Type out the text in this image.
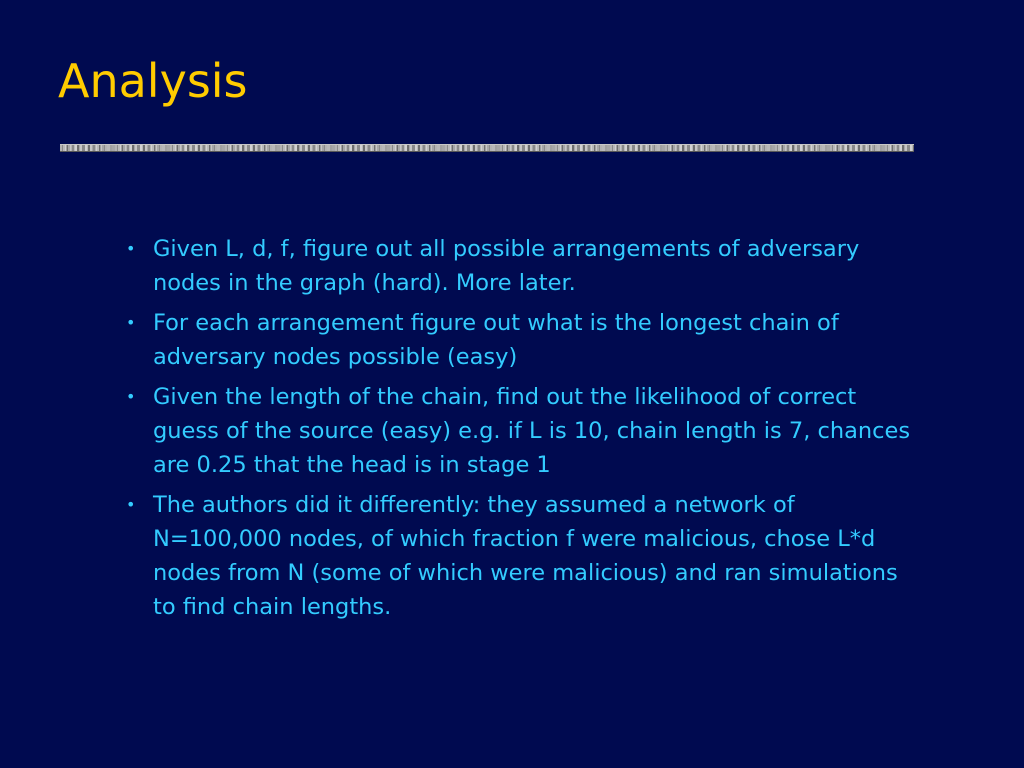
Analysis
• Given L, d, f, figure out all possible arrangements of adversary nodes in the graph (hard). More later.
• For each arrangement figure out what is the longest chain of adversary nodes possible (easy)
• Given the length of the chain, find out the likelihood of correct guess of the source (easy) e.g. if L is 10, chain length is 7, chances are 0.25 that the head is in stage 1
• The authors did it differently: they assumed a network of N=100,000 nodes, of which fraction f were malicious, chose L*d nodes from N (some of which were malicious) and ran simulations to find chain lengths.
